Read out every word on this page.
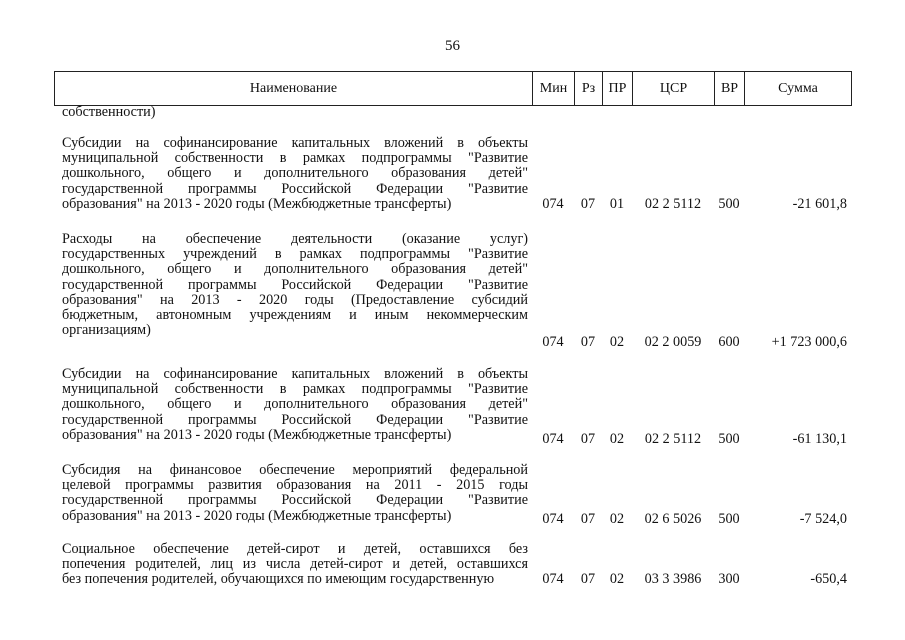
56
Наименование	Мин	Рз	ПР	ЦСР	ВР	Сумма
собственности)
Субсидии на софинансирование капитальных вложений в объекты
муниципальной собственности в рамках подпрограммы "Развитие
дошкольного, общего и дополнительного образования детей"
государственной программы Российской Федерации "Развитие
образования" на 2013 - 2020 годы (Межбюджетные трансферты)	074	07	01	02 2 5112	500	-21 601,8
Расходы на обеспечение деятельности (оказание услуг)
государственных учреждений в рамках подпрограммы "Развитие
дошкольного, общего и дополнительного образования детей"
государственной программы Российской Федерации "Развитие
образования" на 2013 - 2020 годы (Предоставление субсидий
бюджетным, автономным учреждениям и иным некоммерческим
организациям)
074	07	02	02 2 0059	600	+1 723 000,6
Субсидии на софинансирование капитальных вложений в объекты
муниципальной собственности в рамках подпрограммы "Развитие
дошкольного, общего и дополнительного образования детей"
государственной программы Российской Федерации "Развитие
образования" на 2013 - 2020 годы (Межбюджетные трансферты)	074	07	02	02 2 5112	500	-61 130,1
Субсидия на финансовое обеспечение мероприятий федеральной
целевой программы развития образования на 2011 - 2015 годы
государственной программы Российской Федерации "Развитие
образования" на 2013 - 2020 годы (Межбюджетные трансферты)	074	07	02	02 6 5026	500	-7 524,0
Социальное обеспечение детей-сирот и детей, оставшихся без
попечения родителей, лиц из числа детей-сирот и детей, оставшихся
без попечения родителей, обучающихся по имеющим государственную	074	07	02	03 3 3986	300	-650,4
